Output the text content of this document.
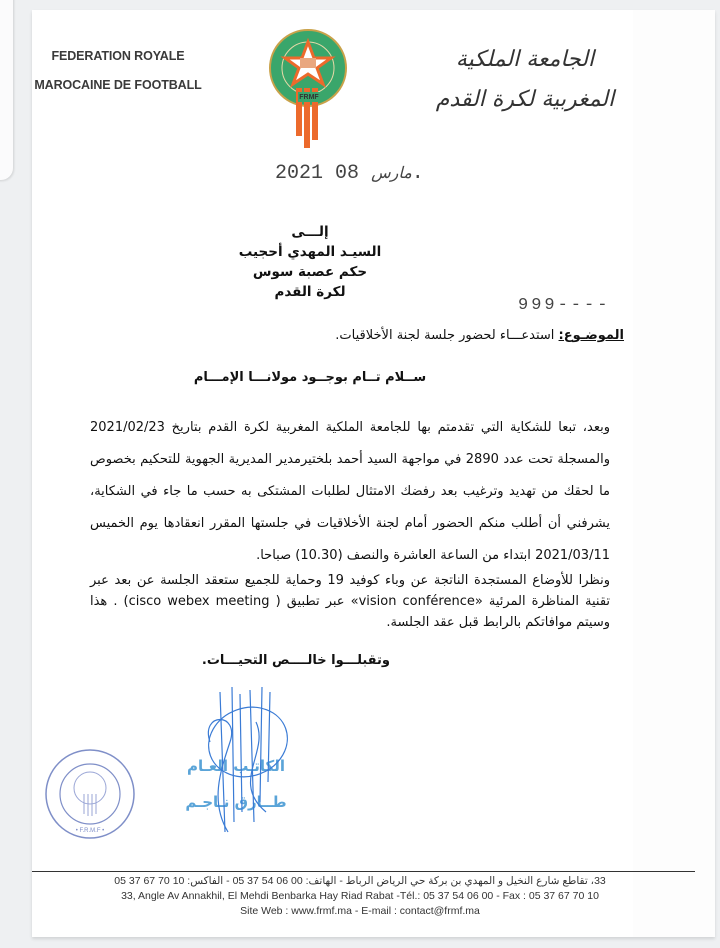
FEDERATION ROYALE
MAROCAINE DE FOOTBALL
FRMF
الجامعة الملكية
المغربية لكرة القدم
2021	مارس 08	.
إلـــى
السيـد المهدي أحجيب
حكم عصبة سوس
لكرة القدم
999----
الموضـوع: استدعـــاء لحضور جلسة لجنة الأخلاقيات.
ســلام تــام بوجــود مولانـــا الإمـــام
وبعد، تبعا للشكاية التي تقدمتم بها للجامعة الملكية المغربية لكرة القدم بتاريخ 2021/02/23 والمسجلة تحت عدد 2890 في مواجهة السيد أحمد بلختيرمدير المديرية الجهوية للتحكيم بخصوص ما لحقك من تهديد وترغيب بعد رفضك الامتثال لطلبات المشتكى به حسب ما جاء في الشكاية، يشرفني أن أطلب منكم الحضور أمام لجنة الأخلاقيات في جلستها المقرر انعقادها يوم الخميس 2021/03/11 ابتداء من الساعة العاشرة والنصف (10.30) صباحا.
ونظرا للأوضاع المستجدة الناتجة عن وباء كوفيد 19 وحماية للجميع ستعقد الجلسة عن بعد عبر تقنية المناظرة المرئية «vision conférence» عبر تطبيق ( cisco webex meeting) . هذا وسيتم موافاتكم بالرابط قبل عقد الجلسة.
وتقبلـــوا خالــــص التحيـــات.
• F.R.M.F •
الكاتـب العـام
طــارق نـاجـم
33، تقاطع شارع النخيل و المهدي بن بركة حي الرياض الرباط - الهاتف: 00 06 54 37 05 - الفاكس: 10 70 67 37 05
33, Angle Av Annakhil, El Mehdi Benbarka Hay Riad Rabat -Tél.: 05 37 54 06 00 - Fax : 05 37 67 70 10
Site Web : www.frmf.ma - E-mail : contact@frmf.ma
